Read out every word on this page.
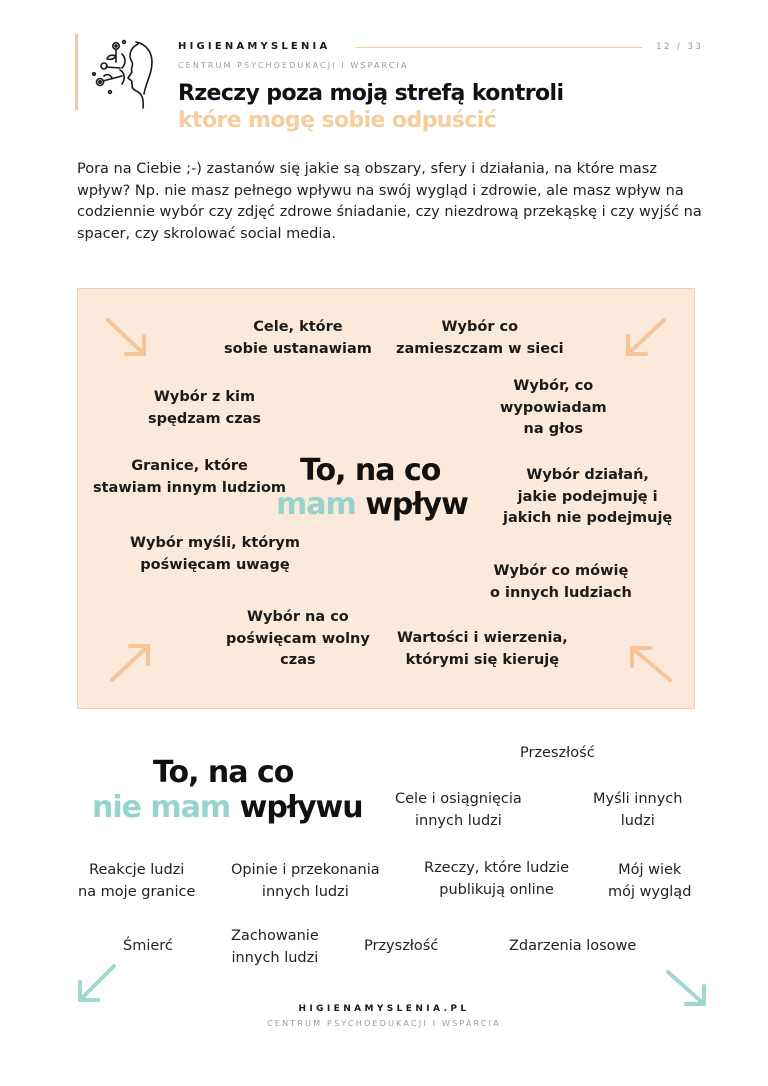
HIGIENAMYSLENIA
CENTRUM PSYCHOEDUKACJI I WSPARCIA
12 / 33
Rzeczy poza moją strefą kontroli
które mogę sobie odpuścić

Pora na Ciebie ;-) zastanów się jakie są obszary, sfery i działania, na które masz wpływ? Np. nie masz pełnego wpływu na swój wygląd i zdrowie, ale masz wpływ na codziennie wybór czy zdjęć zdrowe śniadanie, czy niezdrową przekąskę i czy wyjść na spacer, czy skrolować social media.

Cele, które
sobie ustanawiam
Wybór co
zamieszczam w sieci
Wybór z kim
spędzam czas
Wybór, co
wypowiadam
na głos
Granice, które
stawiam innym ludziom
Wybór działań,
jakie podejmuję i
jakich nie podejmuję
Wybór myśli, którym
poświęcam uwagę	Wybór co mówię
o innych ludziach
Wybór na co
poświęcam wolny
czas
Wartości i wierzenia,
którymi się kieruję
To, na co
mam wpływ
To, na co
nie mam wpływu
Przeszłość
Cele i osiągnięcia
innych ludzi
Myśli innych
ludzi
Reakcje ludzi
na moje granice
Opinie i przekonania
innych ludzi
Rzeczy, które ludzie
publikują online
Mój wiek
mój wygląd
Śmierć
Zachowanie
innych ludzi
Przyszłość	Zdarzenia losowe
HIGIENAMYSLENIA.PL
CENTRUM PSYCHOEDUKACJI I WSPARCIA
